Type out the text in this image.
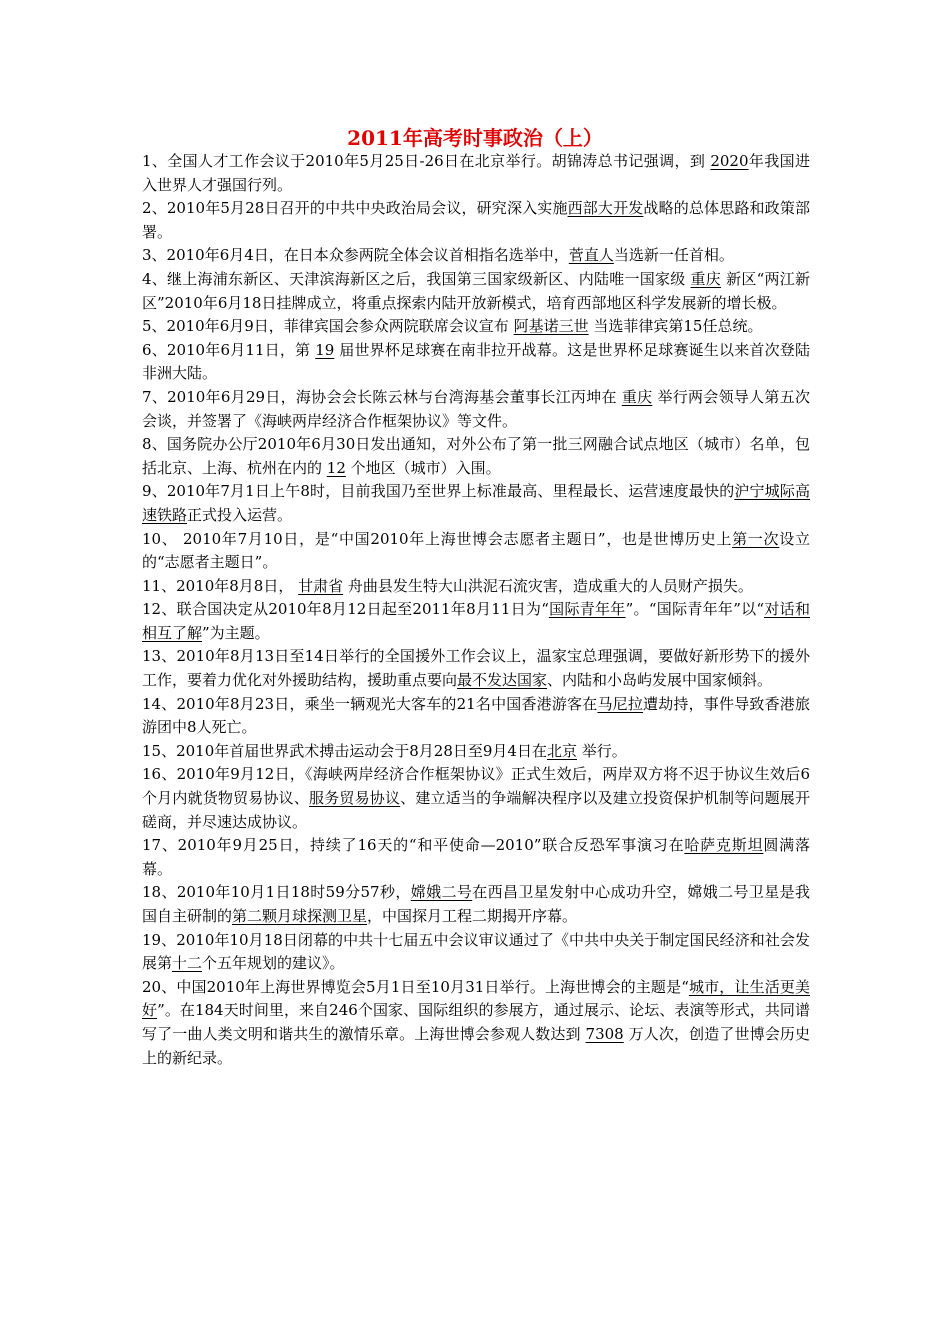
2011年高考时事政治（上）

1、全国人才工作会议于2010年5月25日-26日在北京举行。胡锦涛总书记强调，到 2020年我国进入世界人才强国行列。

2、2010年5月28日召开的中共中央政治局会议，研究深入实施西部大开发战略的总体思路和政策部署。

3、2010年6月4日，在日本众参两院全体会议首相指名选举中，菅直人当选新一任首相。

4、继上海浦东新区、天津滨海新区之后，我国第三国家级新区、内陆唯一国家级 重庆 新区“两江新区”2010年6月18日挂牌成立，将重点探索内陆开放新模式，培育西部地区科学发展新的增长极。

5、2010年6月9日，菲律宾国会参众两院联席会议宣布 阿基诺三世 当选菲律宾第15任总统。

6、2010年6月11日，第 19 届世界杯足球赛在南非拉开战幕。这是世界杯足球赛诞生以来首次登陆非洲大陆。

7、2010年6月29日，海协会会长陈云林与台湾海基会董事长江丙坤在 重庆 举行两会领导人第五次会谈，并签署了《海峡两岸经济合作框架协议》等文件。

8、国务院办公厅2010年6月30日发出通知，对外公布了第一批三网融合试点地区（城市）名单，包括北京、上海、杭州在内的 12 个地区（城市）入围。

9、2010年7月1日上午8时，目前我国乃至世界上标准最高、里程最长、运营速度最快的沪宁城际高速铁路正式投入运营。

10、 2010年7月10日，是“中国2010年上海世博会志愿者主题日”，也是世博历史上第一次设立的“志愿者主题日”。

11、2010年8月8日， 甘肃省 舟曲县发生特大山洪泥石流灾害，造成重大的人员财产损失。

12、联合国决定从2010年8月12日起至2011年8月11日为“国际青年年”。“国际青年年”以“对话和相互了解”为主题。

13、2010年8月13日至14日举行的全国援外工作会议上，温家宝总理强调，要做好新形势下的援外工作，要着力优化对外援助结构，援助重点要向最不发达国家、内陆和小岛屿发展中国家倾斜。

14、2010年8月23日，乘坐一辆观光大客车的21名中国香港游客在马尼拉遭劫持，事件导致香港旅游团中8人死亡。

15、2010年首届世界武术搏击运动会于8月28日至9月4日在北京 举行。

16、2010年9月12日，《海峡两岸经济合作框架协议》正式生效后，两岸双方将不迟于协议生效后6个月内就货物贸易协议、服务贸易协议、建立适当的争端解决程序以及建立投资保护机制等问题展开磋商，并尽速达成协议。

17、2010年9月25日，持续了16天的“和平使命—2010”联合反恐军事演习在哈萨克斯坦圆满落幕。

18、2010年10月1日18时59分57秒，嫦娥二号在西昌卫星发射中心成功升空，嫦娥二号卫星是我国自主研制的第二颗月球探测卫星，中国探月工程二期揭开序幕。

19、2010年10月18日闭幕的中共十七届五中会议审议通过了《中共中央关于制定国民经济和社会发展第十二个五年规划的建议》。

20、中国2010年上海世界博览会5月1日至10月31日举行。上海世博会的主题是“城市，让生活更美好”。在184天时间里，来自246个国家、国际组织的参展方，通过展示、论坛、表演等形式，共同谱写了一曲人类文明和谐共生的激情乐章。上海世博会参观人数达到 7308 万人次，创造了世博会历史上的新纪录。
